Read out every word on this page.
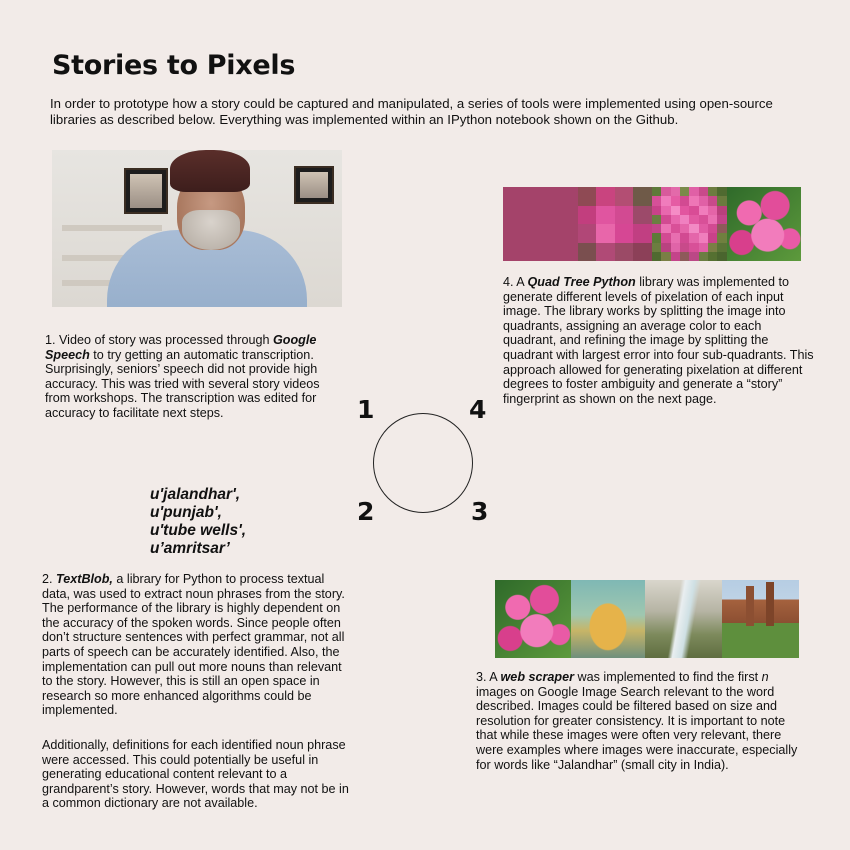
Stories to Pixels
In order to prototype how a story could be captured and manipulated, a series of tools were implemented using open-source libraries as described below. Everything was implemented within an IPython notebook shown on the Github.
1. Video of story was processed through Google Speech to try getting an automatic transcription. Surprisingly, seniors’ speech did not provide high accuracy. This was tried with several story videos from workshops. The transcription was edited for accuracy to facilitate next steps.
4. A Quad Tree Python library was implemented to generate different levels of pixelation of each input image. The library works by splitting the image into quadrants, assigning an average color to each quadrant, and refining the image by splitting the quadrant with largest error into four sub-quadrants. This approach allowed for generating pixelation at different degrees to foster ambiguity and generate a “story” fingerprint as shown on the next page.
1	4
2	3
u'jalandhar',
u'punjab',
u'tube wells',
u’amritsar’
2. TextBlob, a library for Python to process textual data, was used to extract noun phrases from the story. The performance of the library is highly dependent on the accuracy of the spoken words. Since people often don’t structure sentences with perfect grammar, not all parts of speech can be accurately identified. Also, the implementation can pull out more nouns than relevant to the story. However, this is still an open space in research so more enhanced algorithms could be implemented.
Additionally, definitions for each identified noun phrase were accessed. This could potentially be useful in generating educational content relevant to a grandparent’s story. However, words that may not be in a common dictionary are not available.
3. A web scraper was implemented to find the first n images on Google Image Search relevant to the word described. Images could be filtered based on size and resolution for greater consistency. It is important to note that while these images were often very relevant, there were examples where images were inaccurate, especially for words like “Jalandhar” (small city in India).
